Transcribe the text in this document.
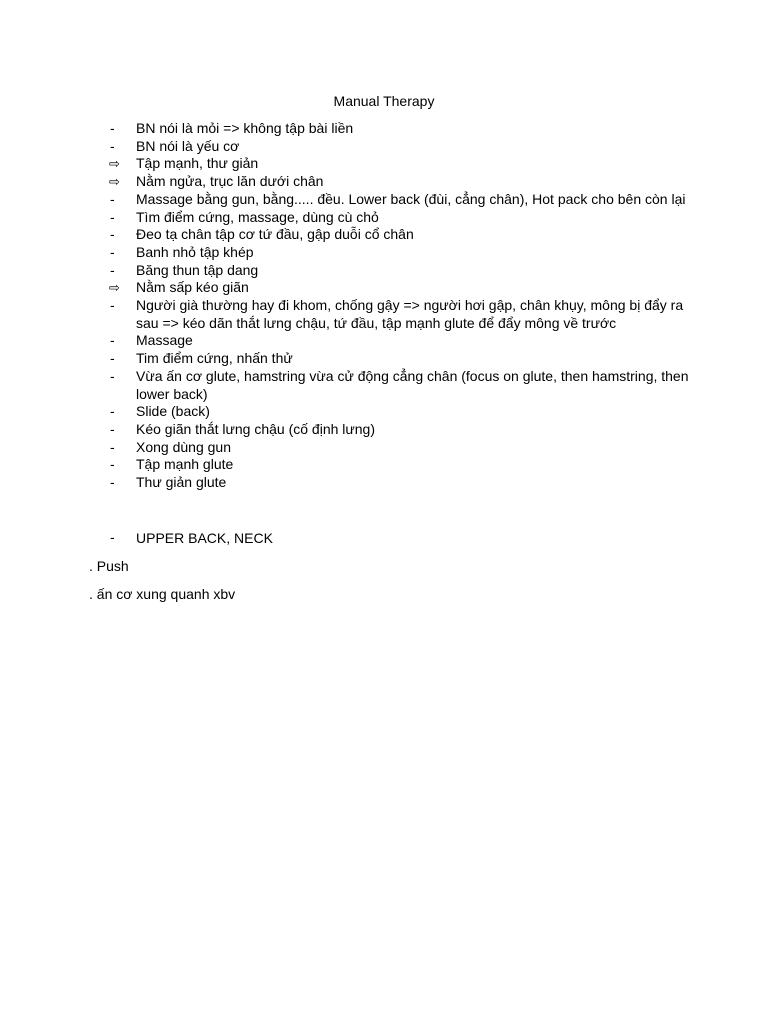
Manual Therapy
-	BN nói là mỏi => không tập bài liền
-	BN nói là yếu cơ
⇨	Tập mạnh, thư giản
⇨	Nằm ngửa, trục lăn dưới chân
-	Massage bằng gun, bằng..... đều. Lower back (đùi, cẳng chân), Hot pack cho bên còn lại
-	Tìm điểm cứng, massage, dùng cù chỏ
-	Đeo tạ chân tập cơ tứ đầu, gập duỗi cổ chân
-	Banh nhỏ tập khép
-	Băng thun tập dang
⇨	Nằm sấp kéo giãn
-	Người già thường hay đi khom, chống gậy => người hơi gập, chân khụy, mông bị đẩy ra sau => kéo dãn thắt lưng chậu, tứ đầu, tập mạnh glute để đẩy mông về trước
-	Massage
-	Tim điểm cứng, nhấn thử
-	Vừa ấn cơ glute, hamstring vừa cử động cẳng chân (focus on glute, then hamstring, then lower back)
-	Slide (back)
-	Kéo giãn thắt lưng chậu (cố định lưng)
-	Xong dùng gun
-	Tập mạnh glute
-	Thư giản glute
-	UPPER BACK, NECK
. Push
. ấn cơ xung quanh xbv
